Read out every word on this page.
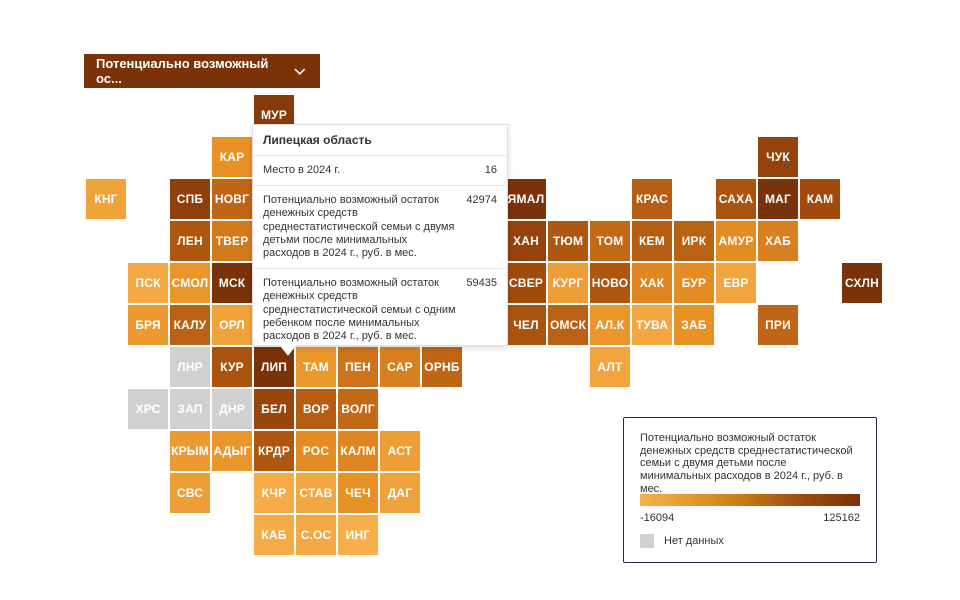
МУР
КАР	ЧУК
КНГ	СПБ НОВГ	ЯМАЛ	КРАС	САХА МАГ	КАМ
ЛЕН	ТВЕР	ХАН	ТЮМ	ТОМ	КЕМ	ИРК	АМУР ХАБ
ПСК СМОЛ МСК	СВЕР КУРГ НОВО ХАК	БУР	ЕВР	СХЛН
БРЯ	КАЛУ	ОРЛ	ЧЕЛ ОМСК АЛ.К ТУВА	ЗАБ	ПРИ
ЛНР	КУР	ЛИП	ТАМ	ПЕН	САР ОРНБ	АЛТ
ХРС	ЗАП	ДНР	БЕЛ	ВОР	ВОЛГ
КРЫМ АДЫГ КРДР	РОС КАЛМ АСТ
СВС	КЧР	СТАВ	ЧЕЧ	ДАГ
КАБ	С.ОС	ИНГ
Потенциально возможный ос...
Липецкая область
Место в 2024 г.	16
Потенциально возможный остаток денежных средств среднестатистической семьи с двумя детьми после минимальных расходов в 2024 г., руб. в мес.
42974
Потенциально возможный остаток денежных средств среднестатистической семьи с одним ребенком после минимальных расходов в 2024 г., руб. в мес.
59435
Потенциально возможный остаток денежных средств среднестатистической семьи с двумя детьми после минимальных расходов в 2024 г., руб. в мес.
-16094	125162
Нет данных
